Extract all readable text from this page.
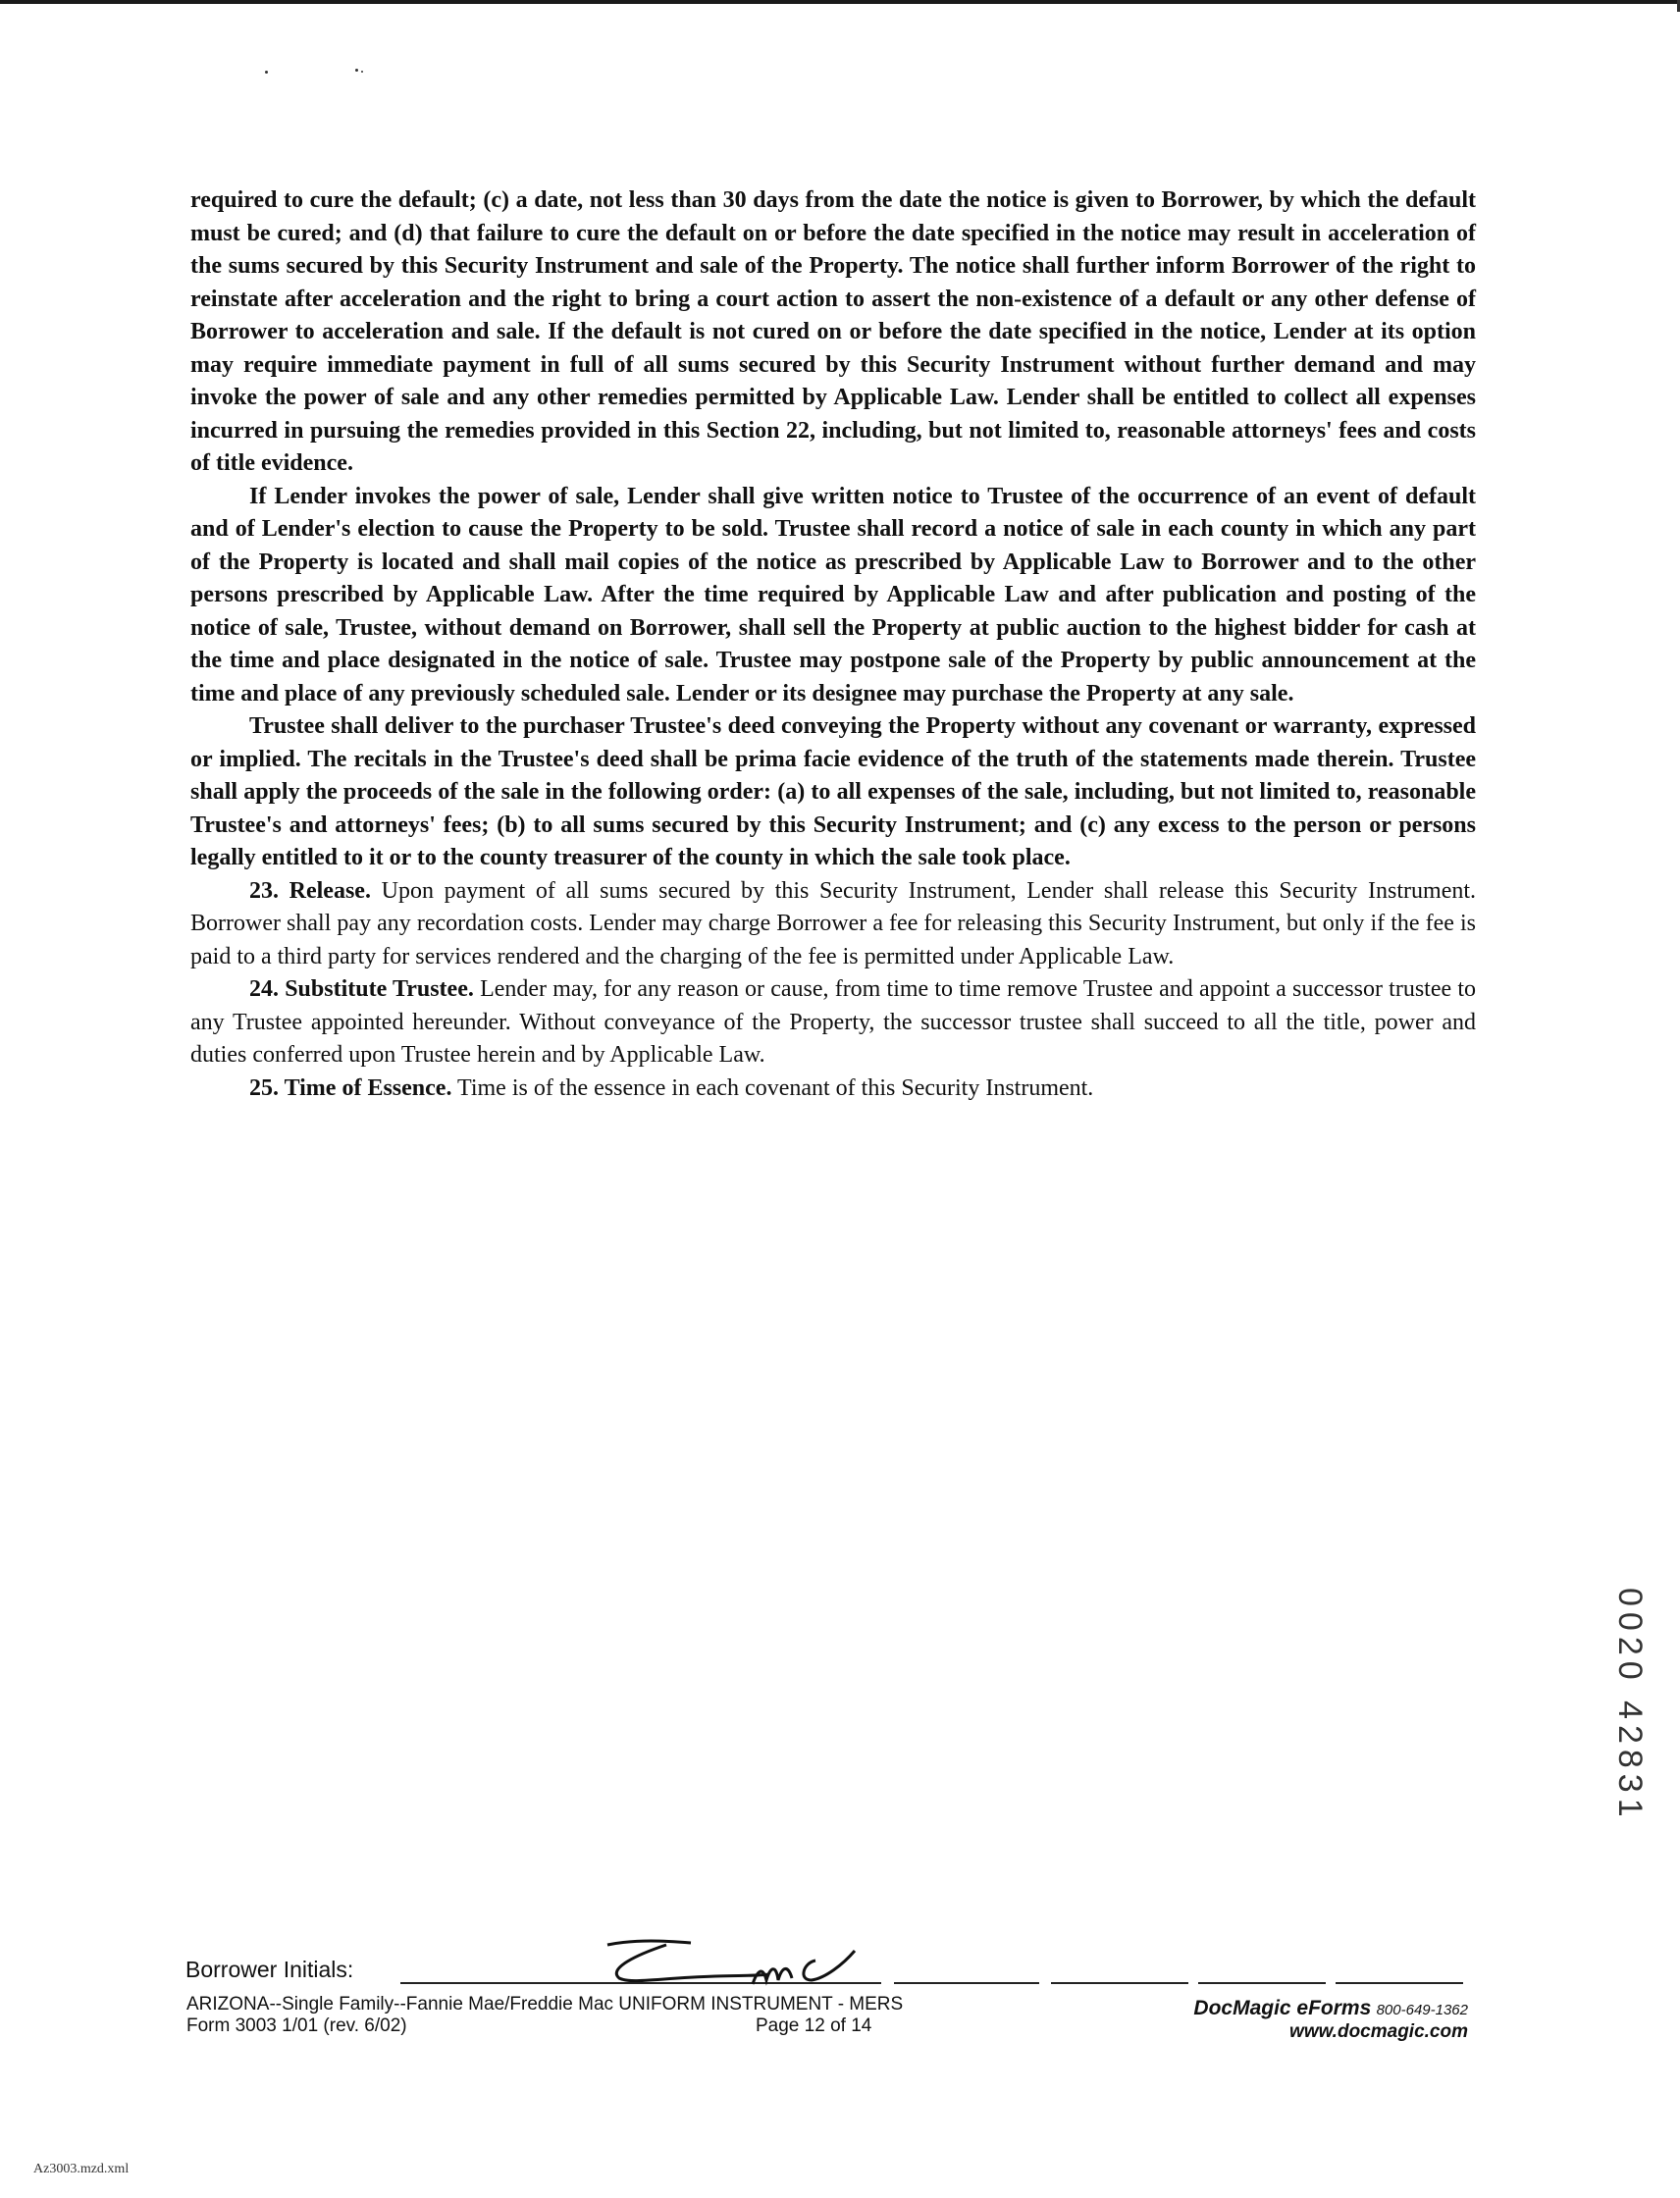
required to cure the default; (c) a date, not less than 30 days from the date the notice is given to Borrower, by which the default must be cured; and (d) that failure to cure the default on or before the date specified in the notice may result in acceleration of the sums secured by this Security Instrument and sale of the Property. The notice shall further inform Borrower of the right to reinstate after acceleration and the right to bring a court action to assert the non-existence of a default or any other defense of Borrower to acceleration and sale. If the default is not cured on or before the date specified in the notice, Lender at its option may require immediate payment in full of all sums secured by this Security Instrument without further demand and may invoke the power of sale and any other remedies permitted by Applicable Law. Lender shall be entitled to collect all expenses incurred in pursuing the remedies provided in this Section 22, including, but not limited to, reasonable attorneys' fees and costs of title evidence.

If Lender invokes the power of sale, Lender shall give written notice to Trustee of the occurrence of an event of default and of Lender's election to cause the Property to be sold. Trustee shall record a notice of sale in each county in which any part of the Property is located and shall mail copies of the notice as prescribed by Applicable Law to Borrower and to the other persons prescribed by Applicable Law. After the time required by Applicable Law and after publication and posting of the notice of sale, Trustee, without demand on Borrower, shall sell the Property at public auction to the highest bidder for cash at the time and place designated in the notice of sale. Trustee may postpone sale of the Property by public announcement at the time and place of any previously scheduled sale. Lender or its designee may purchase the Property at any sale.

Trustee shall deliver to the purchaser Trustee's deed conveying the Property without any covenant or warranty, expressed or implied. The recitals in the Trustee's deed shall be prima facie evidence of the truth of the statements made therein. Trustee shall apply the proceeds of the sale in the following order: (a) to all expenses of the sale, including, but not limited to, reasonable Trustee's and attorneys' fees; (b) to all sums secured by this Security Instrument; and (c) any excess to the person or persons legally entitled to it or to the county treasurer of the county in which the sale took place.

23. Release. Upon payment of all sums secured by this Security Instrument, Lender shall release this Security Instrument. Borrower shall pay any recordation costs. Lender may charge Borrower a fee for releasing this Security Instrument, but only if the fee is paid to a third party for services rendered and the charging of the fee is permitted under Applicable Law.

24. Substitute Trustee. Lender may, for any reason or cause, from time to time remove Trustee and appoint a successor trustee to any Trustee appointed hereunder. Without conveyance of the Property, the successor trustee shall succeed to all the title, power and duties conferred upon Trustee herein and by Applicable Law.

25. Time of Essence. Time is of the essence in each covenant of this Security Instrument.

Borrower Initials:
ARIZONA--Single Family--Fannie Mae/Freddie Mac UNIFORM INSTRUMENT - MERS
Form 3003 1/01 (rev. 6/02)	Page 12 of 14
DocMagic eForms 800-649-1362
www.docmagic.com
0020 42831
Az3003.mzd.xml
